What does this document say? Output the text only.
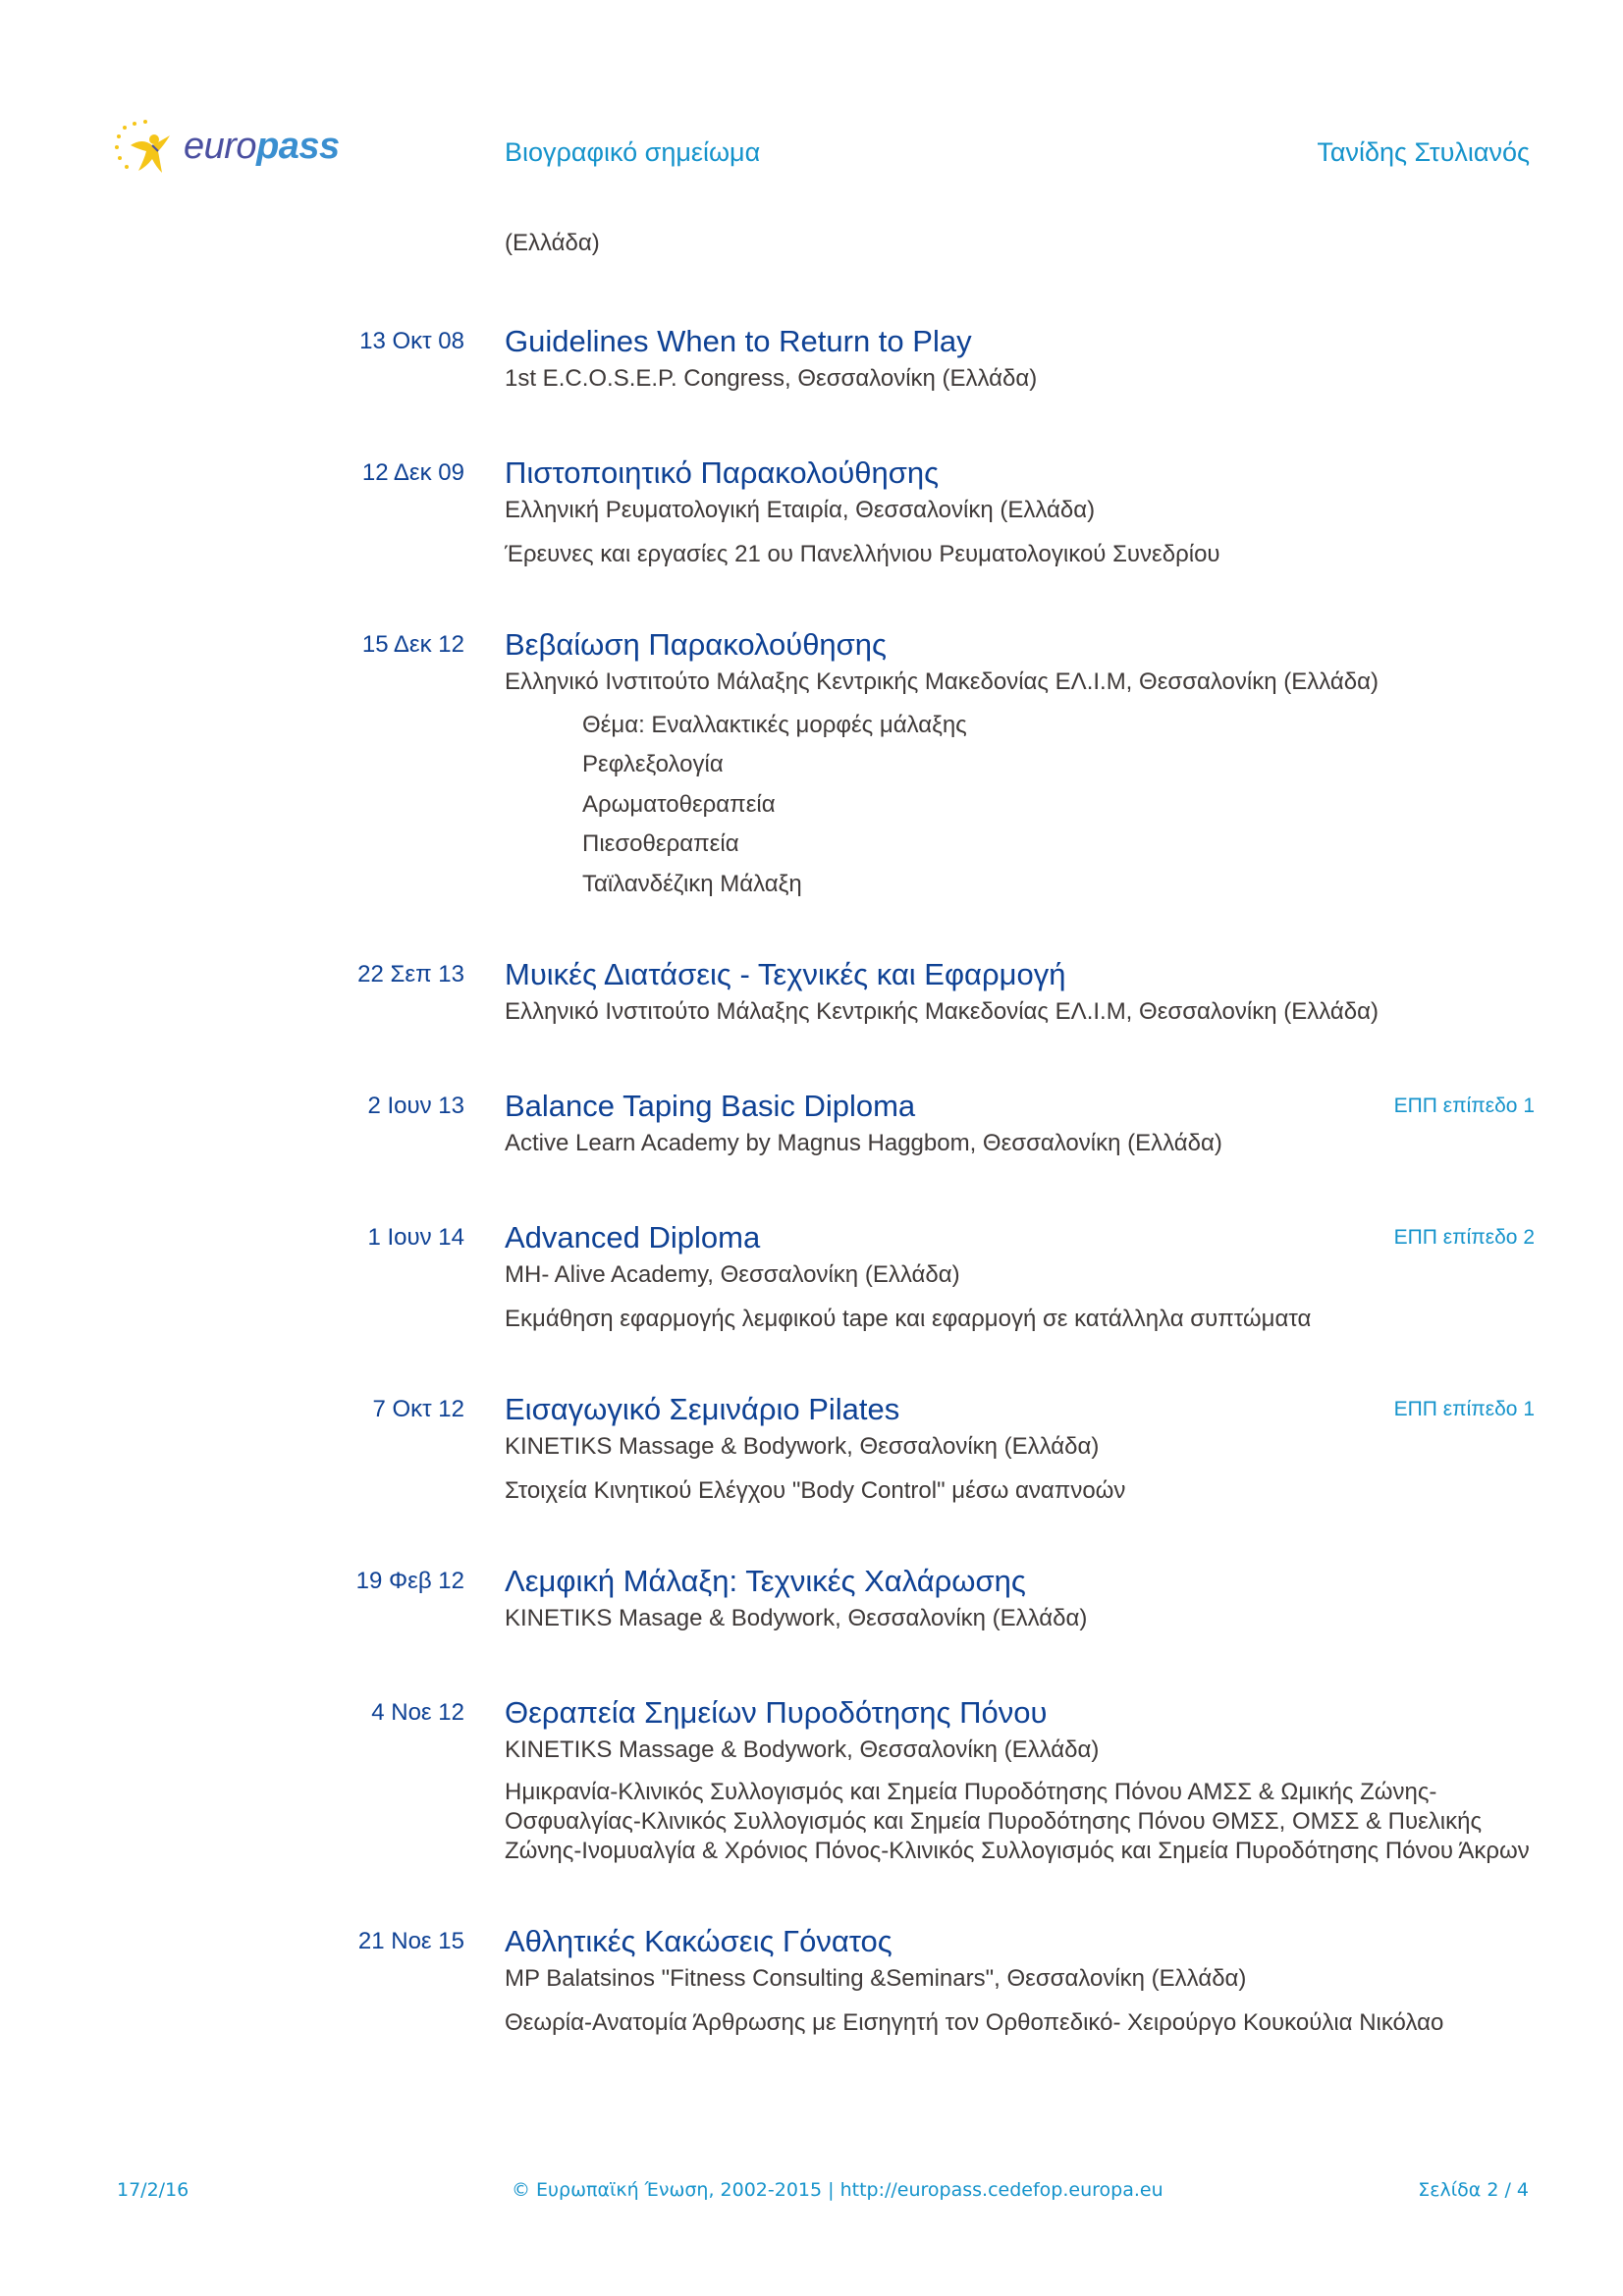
europass	Βιογραφικό σημείωμα	Τανίδης Στυλιανός
(Ελλάδα)
13 Οκτ 08 Guidelines When to Return to Play
1st E.C.O.S.E.P. Congress, Θεσσαλονίκη (Ελλάδα)
12 Δεκ 09 Πιστοποιητικό Παρακολούθησης
Ελληνική Ρευματολογική Εταιρία, Θεσσαλονίκη (Ελλάδα)
Έρευνες και εργασίες 21 ου Πανελλήνιου Ρευματολογικού Συνεδρίου
15 Δεκ 12 Βεβαίωση Παρακολούθησης
Ελληνικό Ινστιτούτο Μάλαξης Κεντρικής Μακεδονίας ΕΛ.Ι.Μ, Θεσσαλονίκη (Ελλάδα)
Θέμα: Εναλλακτικές μορφές μάλαξης
Ρεφλεξολογία
Αρωματοθεραπεία
Πιεσοθεραπεία
Ταϊλανδέζικη Μάλαξη
22 Σεπ 13 Μυικές Διατάσεις - Τεχνικές και Εφαρμογή
Ελληνικό Ινστιτούτο Μάλαξης Κεντρικής Μακεδονίας ΕΛ.Ι.Μ, Θεσσαλονίκη (Ελλάδα)
2 Ιουν 13 Balance Taping Basic Diploma	ΕΠΠ επίπεδο 1
Active Learn Academy by Magnus Haggbom, Θεσσαλονίκη (Ελλάδα)
1 Ιουν 14 Advanced Diploma	ΕΠΠ επίπεδο 2
MH- Alive Academy, Θεσσαλονίκη (Ελλάδα)
Εκμάθηση εφαρμογής λεμφικού tape και εφαρμογή σε κατάλληλα συπτώματα
7 Οκτ 12 Εισαγωγικό Σεμινάριο Pilates	ΕΠΠ επίπεδο 1
KINETIKS Massage & Bodywork, Θεσσαλονίκη (Ελλάδα)
Στοιχεία Κινητικού Ελέγχου "Body Control" μέσω αναπνοών
19 Φεβ 12 Λεμφική Μάλαξη: Τεχνικές Χαλάρωσης
KINETIKS Masage & Bodywork, Θεσσαλονίκη (Ελλάδα)
4 Νοε 12 Θεραπεία Σημείων Πυροδότησης Πόνου
KINETIKS Massage & Bodywork, Θεσσαλονίκη (Ελλάδα)
Ημικρανία-Κλινικός Συλλογισμός και Σημεία Πυροδότησης Πόνου ΑΜΣΣ & Ωμικής Ζώνης- Οσφυαλγίας-Κλινικός Συλλογισμός και Σημεία Πυροδότησης Πόνου ΘΜΣΣ, ΟΜΣΣ & Πυελικής Ζώνης-Ινομυαλγία & Χρόνιος Πόνος-Κλινικός Συλλογισμός και Σημεία Πυροδότησης Πόνου Άκρων
21 Νοε 15 Αθλητικές Κακώσεις Γόνατος
MP Balatsinos "Fitness Consulting &Seminars", Θεσσαλονίκη (Ελλάδα)
Θεωρία-Ανατομία Άρθρωσης με Εισηγητή τον Ορθοπεδικό- Χειρούργο Κουκούλια Νικόλαο
17/2/16	© Ευρωπαϊκή Ένωση, 2002-2015 | http://europass.cedefop.europa.eu	Σελίδα 2 / 4
